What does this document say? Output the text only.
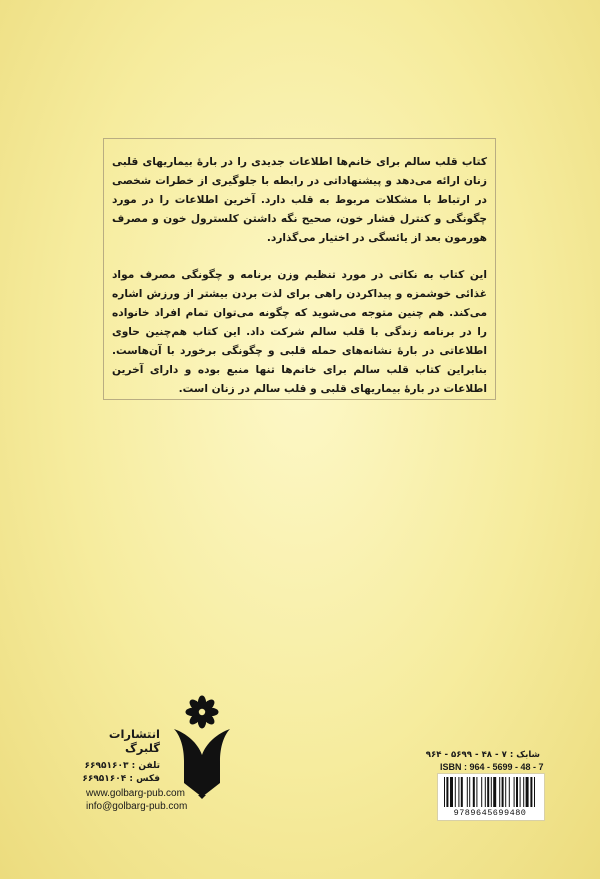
کتاب قلب سالم برای خانم‌ها اطلاعات جدیدی را در بارهٔ بیماریهای قلبی زنان ارائه می‌دهد و پیشنهاداتی در رابطه با جلوگیری از خطرات شخصی در ارتباط با مشکلات مربوط به قلب دارد. آخرین اطلاعات را در مورد چگونگی و کنترل فشار خون، صحیح نگه داشتن کلسترول خون و مصرف هورمون بعد از یائسگی در اختیار می‌گذارد.

این کتاب به نکاتی در مورد تنظیم وزن برنامه و چگونگی مصرف مواد غذائی خوشمزه و پیداکردن راهی برای لذت بردن بیشتر از ورزش اشاره می‌کند. هم چنین متوجه می‌شوید که چگونه می‌توان تمام افراد خانواده را در برنامه زندگی با قلب سالم شرکت داد. این کتاب هم‌چنین حاوی اطلاعاتی در بارهٔ نشانه‌های حمله قلبی و چگونگی برخورد با آن‌هاست. بنابراین کتاب قلب سالم برای خانم‌ها تنها منبع بوده و دارای آخرین اطلاعات در بارهٔ بیماریهای قلبی و قلب سالم در زنان است.

انتشارات گلبرگ
تلفن : ۶۶۹۵۱۶۰۳
فکس : ۶۶۹۵۱۶۰۴
www.golbarg-pub.com
info@golbarg-pub.com
شابک : ۷ - ۴۸ - ۵۶۹۹ - ۹۶۴
ISBN : 964 - 5699 - 48 - 7
9789645699480
